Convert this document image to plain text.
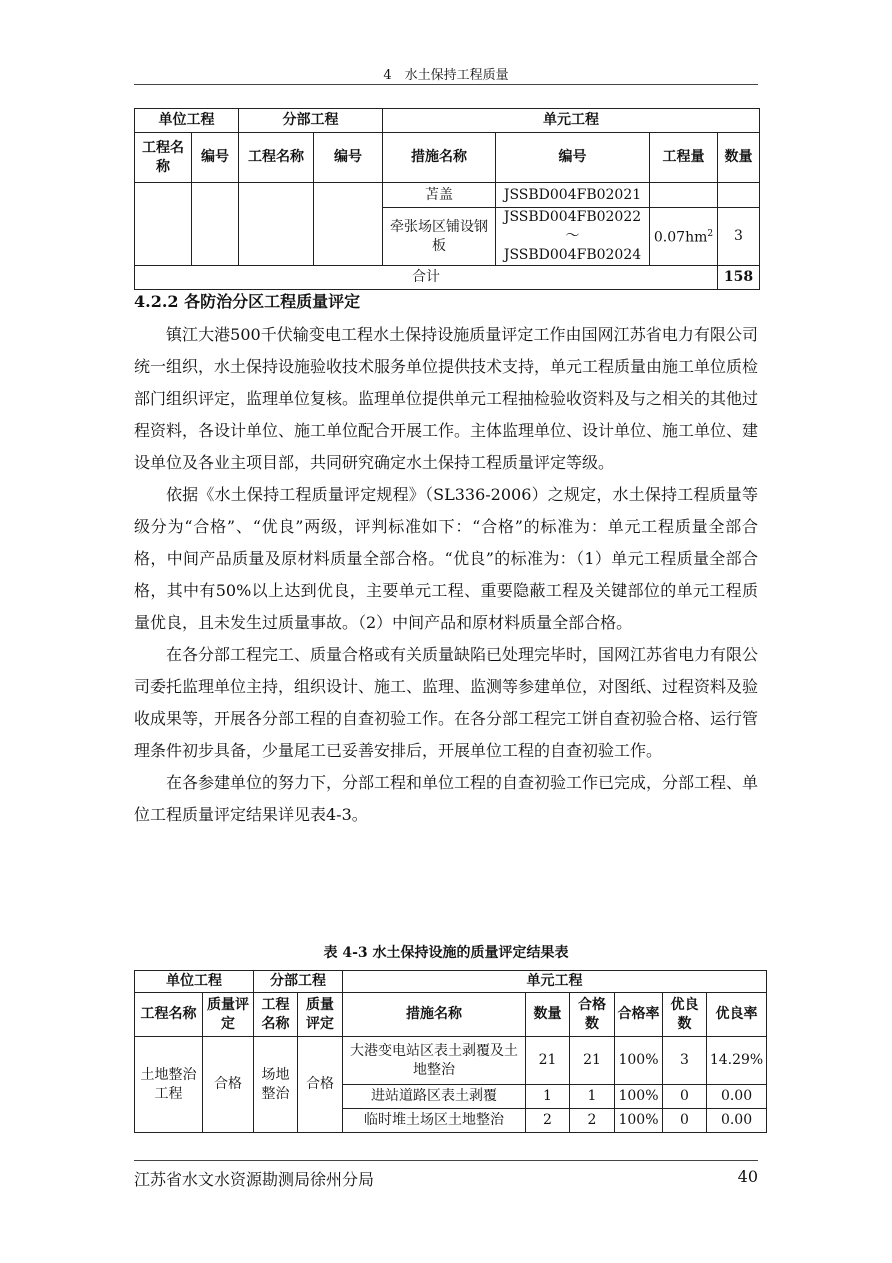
4　水土保持工程质量
单位工程		分部工程		单元工程			
工程名称	编号	工程名称	编号	措施名称	编号	工程量	数量
				苫盖	JSSBD004FB02021		
				牵张场区铺设钢板	JSSBD004FB02022～JSSBD004FB02024	$0.07hm^2$	3
合计							158
4.2.2 各防治分区工程质量评定

镇江大港500千伏输变电工程水土保持设施质量评定工作由国网江苏省电力有限公司统一组织，水土保持设施验收技术服务单位提供技术支持，单元工程质量由施工单位质检部门组织评定，监理单位复核。监理单位提供单元工程抽检验收资料及与之相关的其他过程资料，各设计单位、施工单位配合开展工作。主体监理单位、设计单位、施工单位、建设单位及各业主项目部，共同研究确定水土保持工程质量评定等级。

依据《水土保持工程质量评定规程》（SL336-2006）之规定，水土保持工程质量等级分为“合格”、“优良”两级，评判标准如下：“合格”的标准为：单元工程质量全部合格，中间产品质量及原材料质量全部合格。“优良”的标准为：（1）单元工程质量全部合格，其中有50%以上达到优良，主要单元工程、重要隐蔽工程及关键部位的单元工程质量优良，且未发生过质量事故。（2）中间产品和原材料质量全部合格。

在各分部工程完工、质量合格或有关质量缺陷已处理完毕时，国网江苏省电力有限公司委托监理单位主持，组织设计、施工、监理、监测等参建单位，对图纸、过程资料及验收成果等，开展各分部工程的自查初验工作。在各分部工程完工饼自查初验合格、运行管理条件初步具备，少量尾工已妥善安排后，开展单位工程的自查初验工作。

在各参建单位的努力下，分部工程和单位工程的自查初验工作已完成，分部工程、单位工程质量评定结果详见表4-3。

表 4-3 水土保持设施的质量评定结果表
单位工程		分部工程		单元工程					
工程名称	质量评定	工程名称	质量评定	措施名称	数量	合格数	合格率	优良数	优良率
土地整治工程	合格	场地整治	合格	大港变电站区表土剥覆及土地整治	21	21	100%	3	14.29%
				进站道路区表土剥覆	1	1	100%	0	0.00
				临时堆土场区土地整治	2	2	100%	0	0.00
江苏省水文水资源勘测局徐州分局	40
